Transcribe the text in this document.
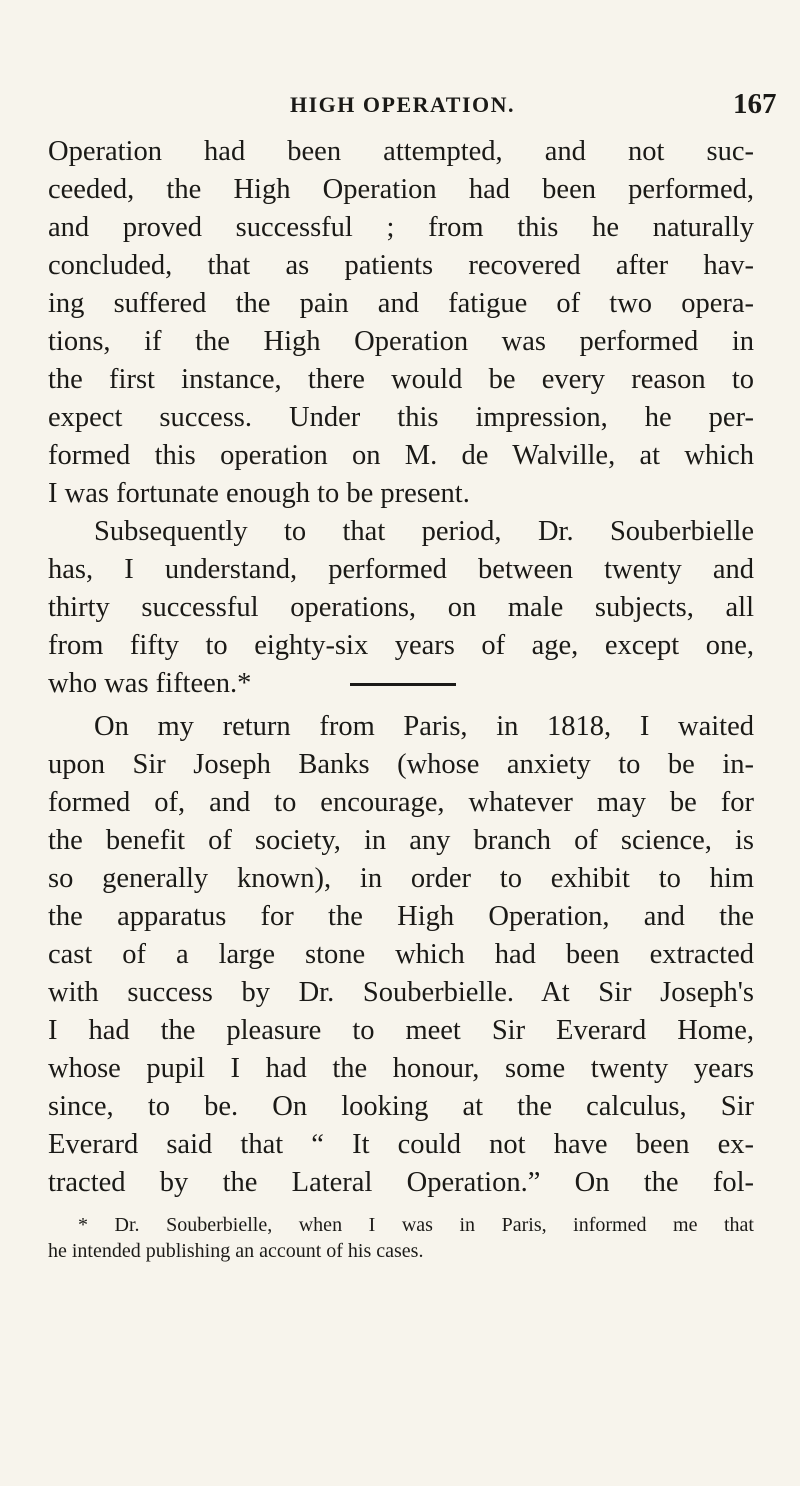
HIGH OPERATION.	167
Operation had been attempted, and not suc-
ceeded, the High Operation had been performed,
and proved successful ; from this he naturally
concluded, that as patients recovered after hav-
ing suffered the pain and fatigue of two opera-
tions, if the High Operation was performed in
the first instance, there would be every reason to
expect success. Under this impression, he per-
formed this operation on M. de Walville, at which
I was fortunate enough to be present.
Subsequently to that period, Dr. Souberbielle
has, I understand, performed between twenty and
thirty successful operations, on male subjects, all
from fifty to eighty-six years of age, except one,
who was fifteen.*
On my return from Paris, in 1818, I waited
upon Sir Joseph Banks (whose anxiety to be in-
formed of, and to encourage, whatever may be for
the benefit of society, in any branch of science, is
so generally known), in order to exhibit to him
the apparatus for the High Operation, and the
cast of a large stone which had been extracted
with success by Dr. Souberbielle. At Sir Joseph's
I had the pleasure to meet Sir Everard Home,
whose pupil I had the honour, some twenty years
since, to be. On looking at the calculus, Sir
Everard said that “ It could not have been ex-
tracted by the Lateral Operation.” On the fol-
* Dr. Souberbielle, when I was in Paris, informed me that
he intended publishing an account of his cases.
